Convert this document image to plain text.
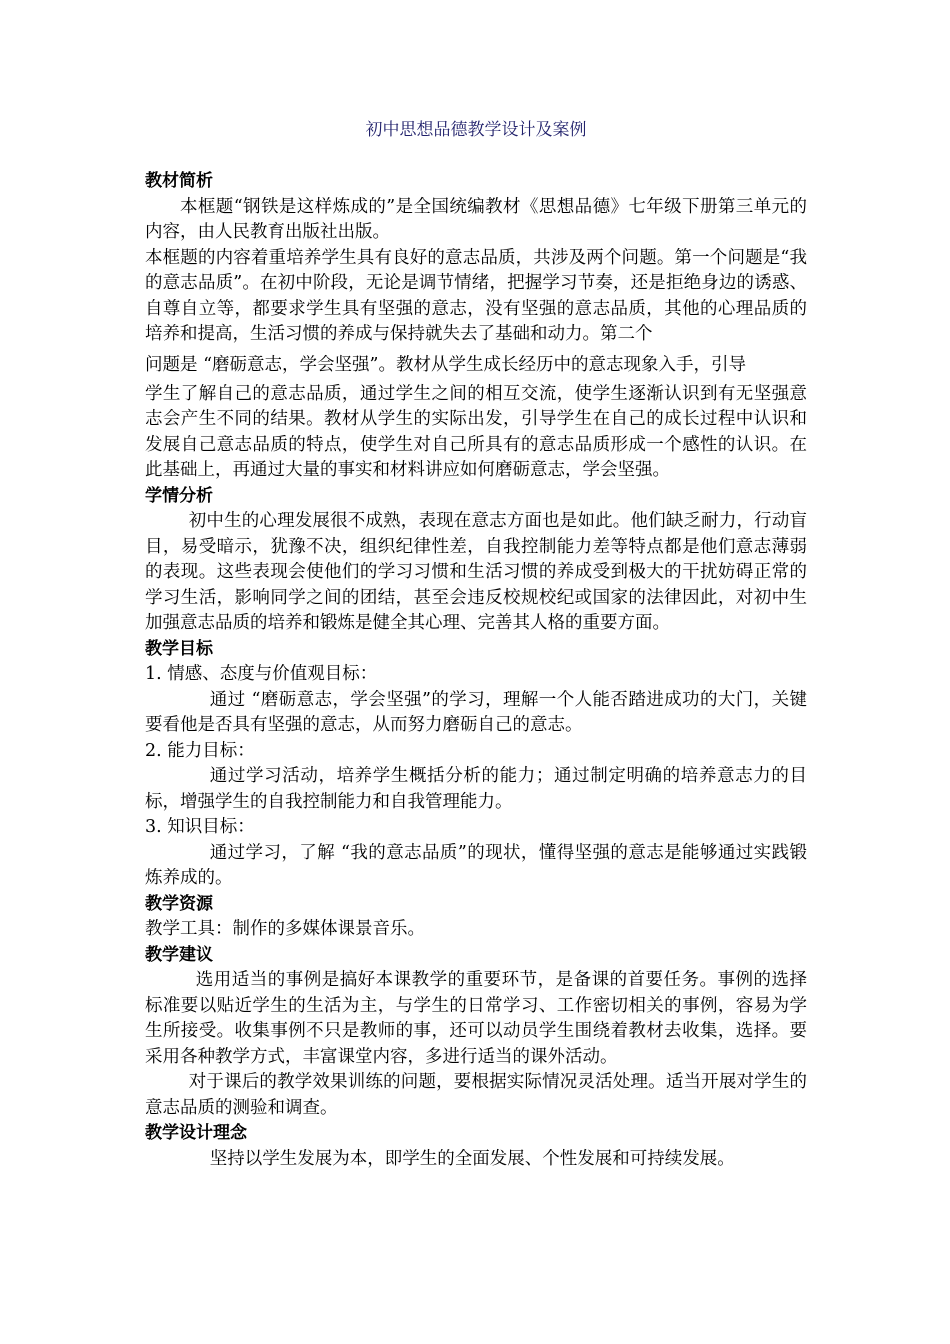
初中思想品德教学设计及案例
教材简析

本框题“钢铁是这样炼成的”是全国统编教材《思想品德》七年级下册第三单元的内容，由人民教育出版社出版。

本框题的内容着重培养学生具有良好的意志品质，共涉及两个问题。第一个问题是“我的意志品质”。在初中阶段，无论是调节情绪，把握学习节奏，还是拒绝身边的诱惑、自尊自立等，都要求学生具有坚强的意志，没有坚强的意志品质，其他的心理品质的培养和提高，生活习惯的养成与保持就失去了基础和动力。第二个

问题是 “磨砺意志，学会坚强”。教材从学生成长经历中的意志现象入手，引导

学生了解自己的意志品质，通过学生之间的相互交流，使学生逐渐认识到有无坚强意志会产生不同的结果。教材从学生的实际出发，引导学生在自己的成长过程中认识和发展自己意志品质的特点，使学生对自己所具有的意志品质形成一个感性的认识。在此基础上，再通过大量的事实和材料讲应如何磨砺意志，学会坚强。

学情分析

初中生的心理发展很不成熟，表现在意志方面也是如此。他们缺乏耐力，行动盲目，易受暗示，犹豫不决，组织纪律性差，自我控制能力差等特点都是他们意志薄弱的表现。这些表现会使他们的学习习惯和生活习惯的养成受到极大的干扰妨碍正常的学习生活，影响同学之间的团结，甚至会违反校规校纪或国家的法律因此，对初中生加强意志品质的培养和锻炼是健全其心理、完善其人格的重要方面。

教学目标

1. 情感、态度与价值观目标：

通过 “磨砺意志，学会坚强”的学习，理解一个人能否踏进成功的大门，关键要看他是否具有坚强的意志，从而努力磨砺自己的意志。

2. 能力目标：

通过学习活动，培养学生概括分析的能力；通过制定明确的培养意志力的目标，增强学生的自我控制能力和自我管理能力。

3. 知识目标：

通过学习，了解 “我的意志品质”的现状，懂得坚强的意志是能够通过实践锻炼养成的。

教学资源

教学工具：制作的多媒体课景音乐。

教学建议

选用适当的事例是搞好本课教学的重要环节，是备课的首要任务。事例的选择标准要以贴近学生的生活为主，与学生的日常学习、工作密切相关的事例，容易为学生所接受。收集事例不只是教师的事，还可以动员学生围绕着教材去收集，选择。要采用各种教学方式，丰富课堂内容，多进行适当的课外活动。

对于课后的教学效果训练的问题，要根据实际情况灵活处理。适当开展对学生的意志品质的测验和调查。

教学设计理念

坚持以学生发展为本，即学生的全面发展、个性发展和可持续发展。
